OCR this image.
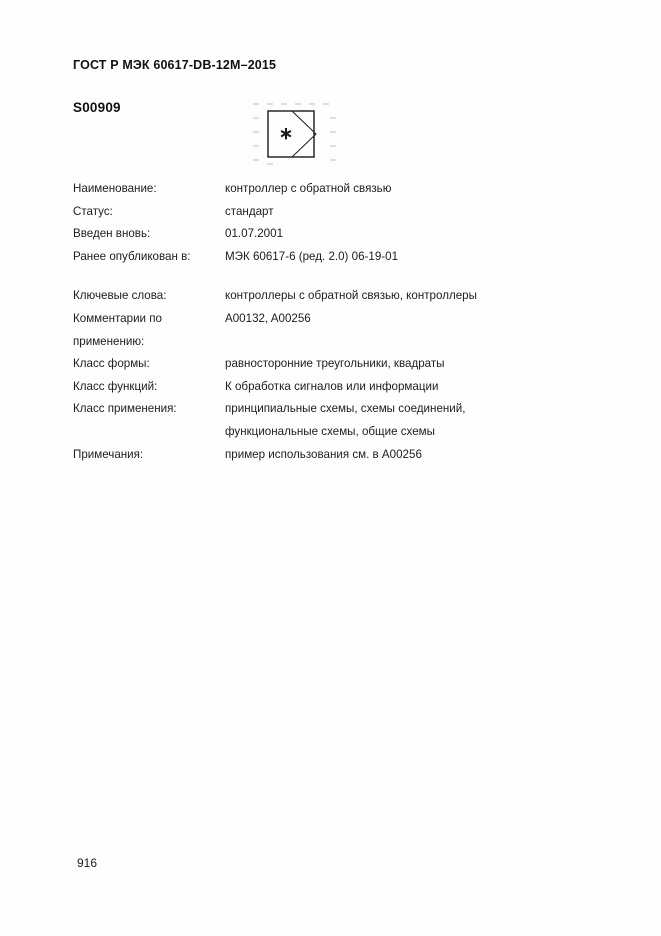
ГОСТ Р МЭК 60617-DB-12M–2015
S00909
∗
Наименование:	контроллер с обратной связью
Статус:	стандарт
Введен вновь:	01.07.2001
Ранее опубликован в:	МЭК 60617-6 (ред. 2.0) 06-19-01
Ключевые слова:	контроллеры с обратной связью, контроллеры
Комментарии по	A00132, A00256
применению:
Класс формы:	равносторонние треугольники, квадраты
Класс функций:	К обработка сигналов или информации
Класс применения:	принципиальные схемы, схемы соединений,
функциональные схемы, общие схемы
Примечания:	пример использования см. в A00256
916
